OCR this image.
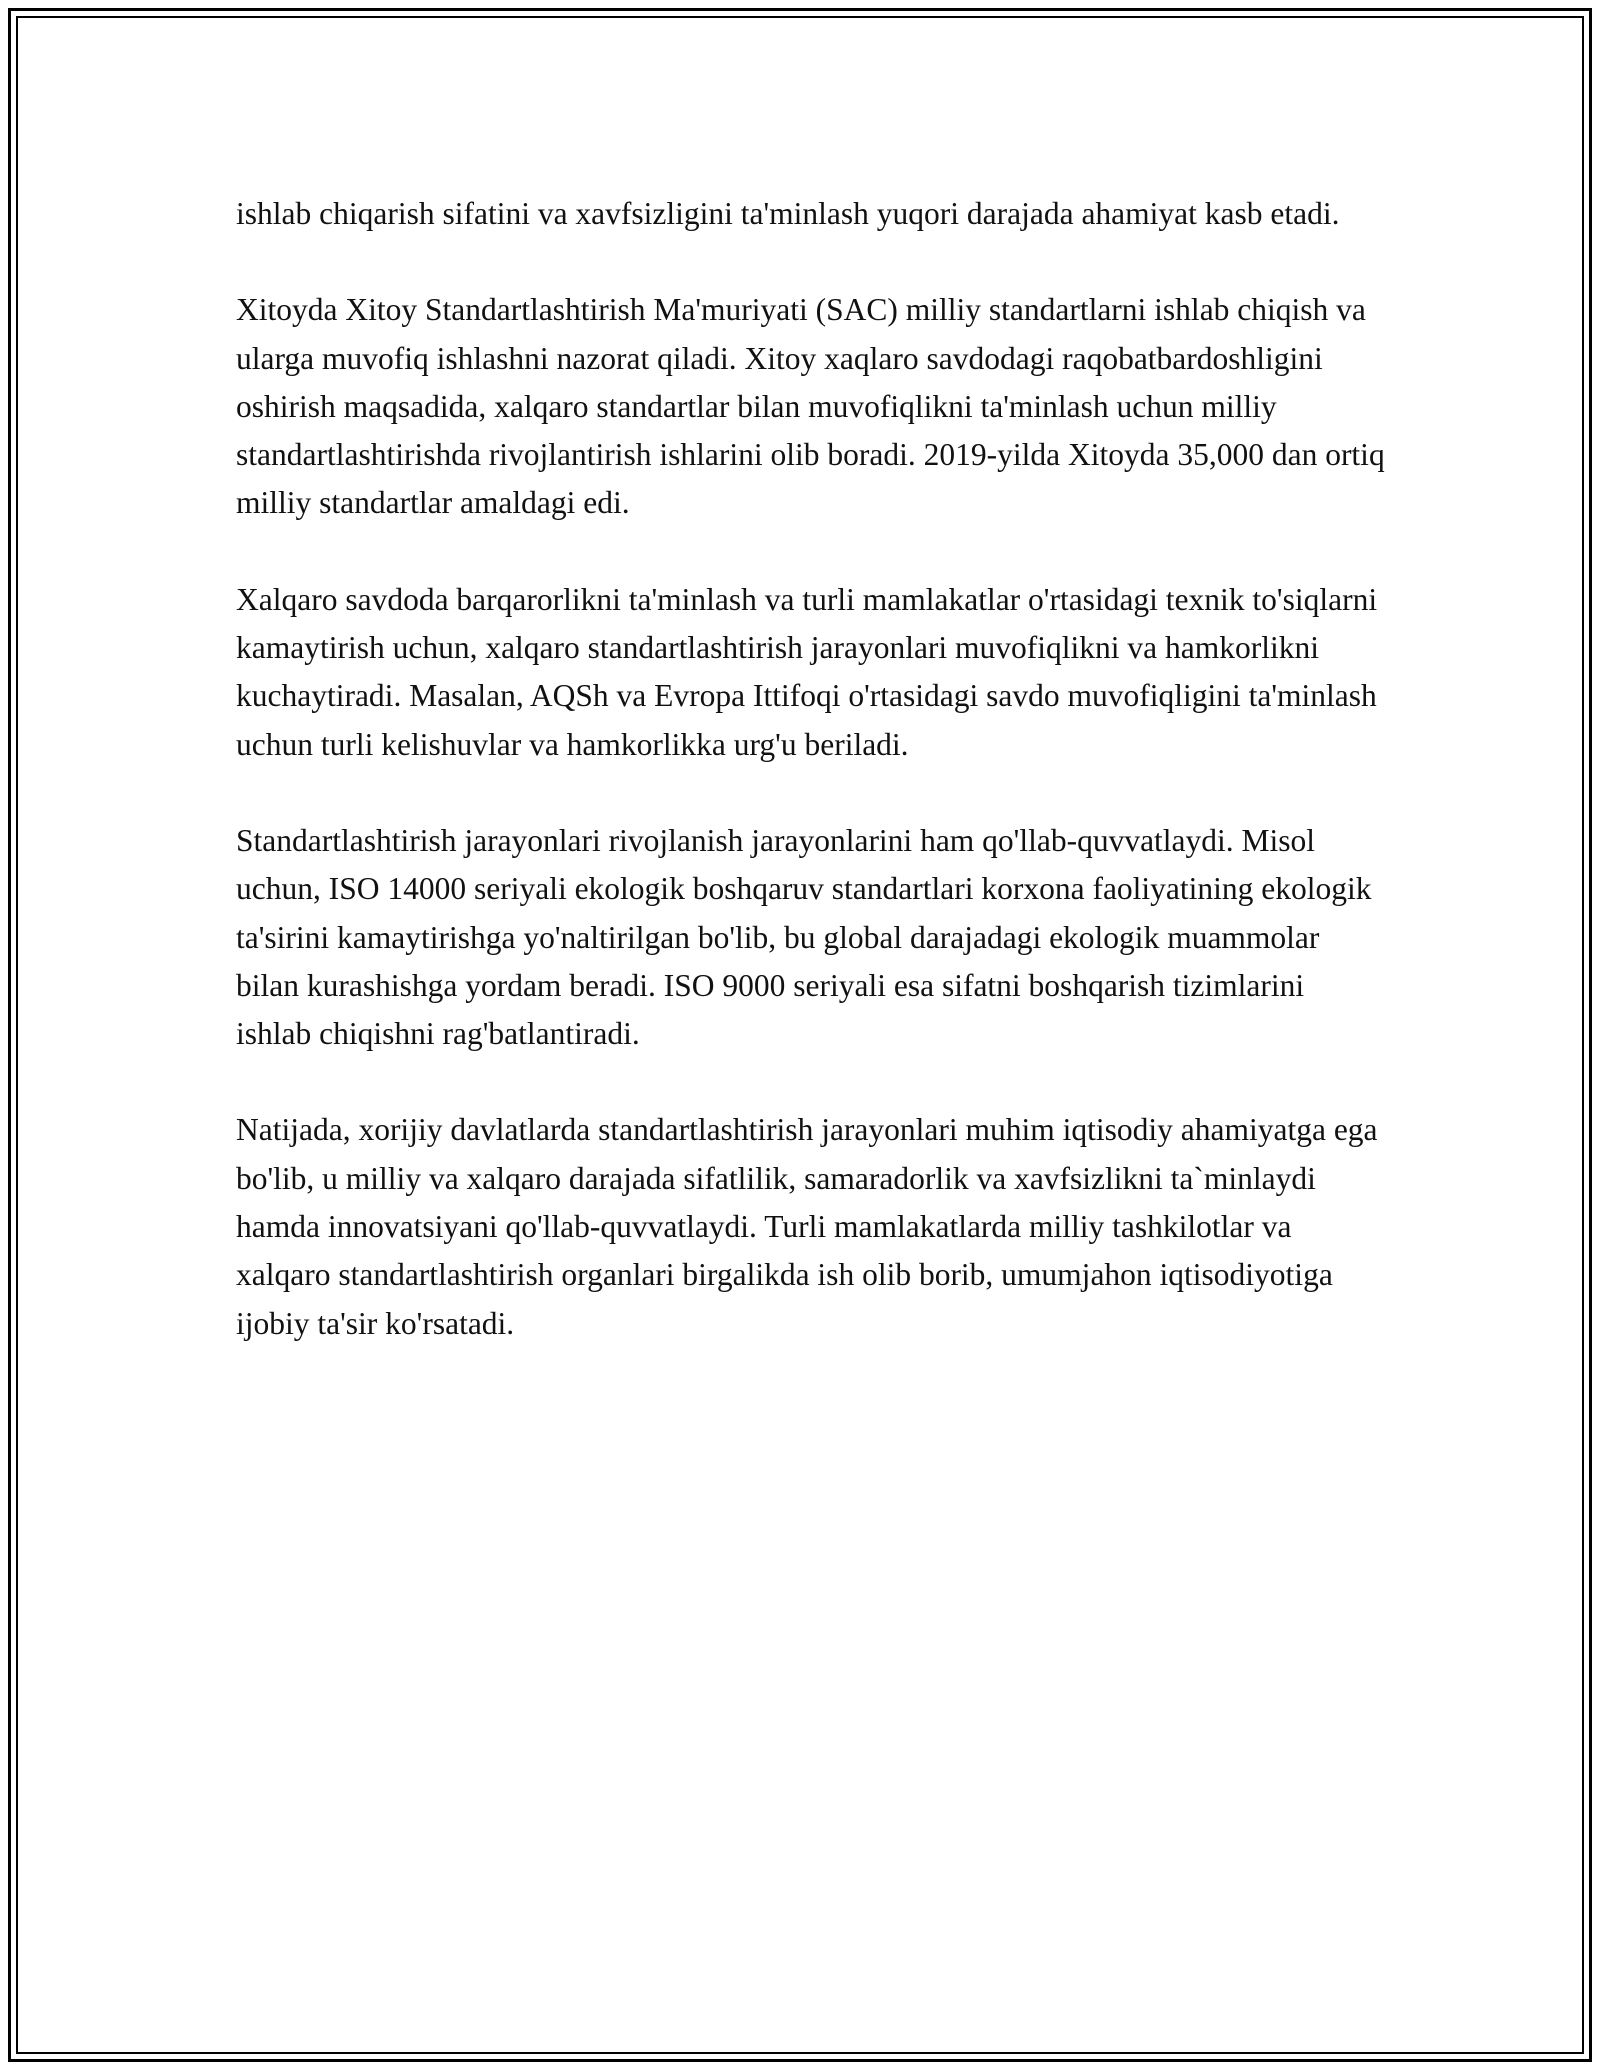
ishlab chiqarish sifatini va xavfsizligini ta'minlash yuqori darajada ahamiyat kasb etadi.

Xitoyda Xitoy Standartlashtirish Ma'muriyati (SAC) milliy standartlarni ishlab chiqish va ularga muvofiq ishlashni nazorat qiladi. Xitoy xaqlaro savdodagi raqobatbardoshligini oshirish maqsadida, xalqaro standartlar bilan muvofiqlikni ta'minlash uchun milliy standartlashtirishda rivojlantirish ishlarini olib boradi. 2019-yilda Xitoyda 35,000 dan ortiq milliy standartlar amaldagi edi.

Xalqaro savdoda barqarorlikni ta'minlash va turli mamlakatlar o'rtasidagi texnik to'siqlarni kamaytirish uchun, xalqaro standartlashtirish jarayonlari muvofiqlikni va hamkorlikni kuchaytiradi. Masalan, AQSh va Evropa Ittifoqi o'rtasidagi savdo muvofiqligini ta'minlash uchun turli kelishuvlar va hamkorlikka urg'u beriladi.

Standartlashtirish jarayonlari rivojlanish jarayonlarini ham qo'llab-quvvatlaydi. Misol uchun, ISO 14000 seriyali ekologik boshqaruv standartlari korxona faoliyatining ekologik ta'sirini kamaytirishga yo'naltirilgan bo'lib, bu global darajadagi ekologik muammolar bilan kurashishga yordam beradi. ISO 9000 seriyali esa sifatni boshqarish tizimlarini ishlab chiqishni rag'batlantiradi.

Natijada, xorijiy davlatlarda standartlashtirish jarayonlari muhim iqtisodiy ahamiyatga ega bo'lib, u milliy va xalqaro darajada sifatlilik, samaradorlik va xavfsizlikni ta`minlaydi hamda innovatsiyani qo'llab-quvvatlaydi. Turli mamlakatlarda milliy tashkilotlar va xalqaro standartlashtirish organlari birgalikda ish olib borib, umumjahon iqtisodiyotiga ijobiy ta'sir ko'rsatadi.
